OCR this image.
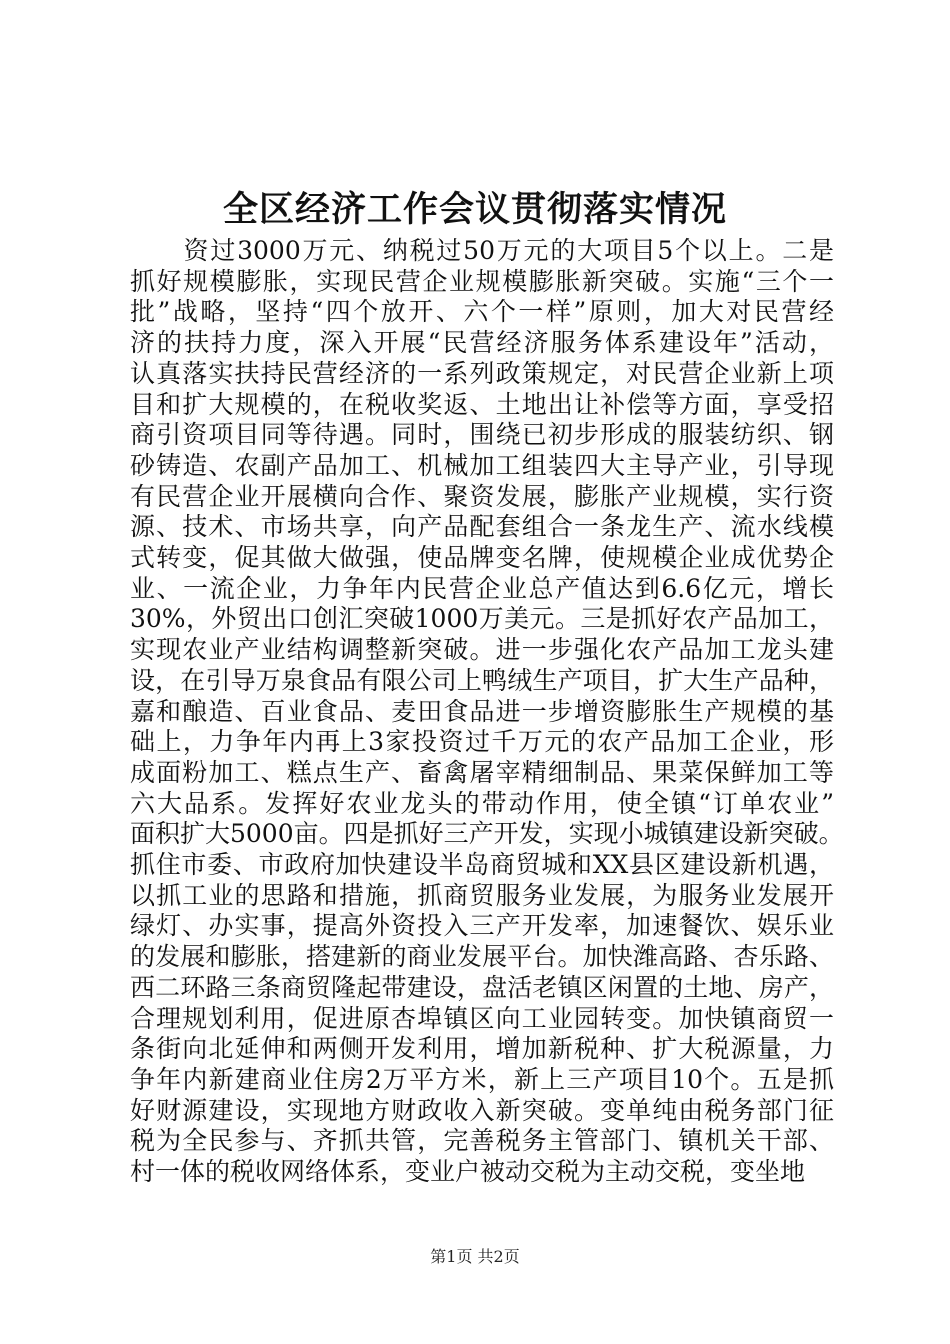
全区经济工作会议贯彻落实情况
　　资过3000万元、纳税过50万元的大项目5个以上。二是
抓好规模膨胀，实现民营企业规模膨胀新突破。实施“三个一
批”战略，坚持“四个放开、六个一样”原则，加大对民营经
济的扶持力度，深入开展“民营经济服务体系建设年”活动，
认真落实扶持民营经济的一系列政策规定，对民营企业新上项
目和扩大规模的，在税收奖返、土地出让补偿等方面，享受招
商引资项目同等待遇。同时，围绕已初步形成的服装纺织、钢
砂铸造、农副产品加工、机械加工组装四大主导产业，引导现
有民营企业开展横向合作、聚资发展，膨胀产业规模，实行资
源、技术、市场共享，向产品配套组合一条龙生产、流水线模
式转变，促其做大做强，使品牌变名牌，使规模企业成优势企
业、一流企业，力争年内民营企业总产值达到6.6亿元，增长
30%，外贸出口创汇突破1000万美元。三是抓好农产品加工，
实现农业产业结构调整新突破。进一步强化农产品加工龙头建
设，在引导万泉食品有限公司上鸭绒生产项目，扩大生产品种，
嘉和酿造、百业食品、麦田食品进一步增资膨胀生产规模的基
础上，力争年内再上3家投资过千万元的农产品加工企业，形
成面粉加工、糕点生产、畜禽屠宰精细制品、果菜保鲜加工等
六大品系。发挥好农业龙头的带动作用，使全镇“订单农业”
面积扩大5000亩。四是抓好三产开发，实现小城镇建设新突破。
抓住市委、市政府加快建设半岛商贸城和XX县区建设新机遇，
以抓工业的思路和措施，抓商贸服务业发展，为服务业发展开
绿灯、办实事，提高外资投入三产开发率，加速餐饮、娱乐业
的发展和膨胀，搭建新的商业发展平台。加快潍高路、杏乐路、
西二环路三条商贸隆起带建设，盘活老镇区闲置的土地、房产，
合理规划利用，促进原杏埠镇区向工业园转变。加快镇商贸一
条街向北延伸和两侧开发利用，增加新税种、扩大税源量，力
争年内新建商业住房2万平方米，新上三产项目10个。五是抓
好财源建设，实现地方财政收入新突破。变单纯由税务部门征
税为全民参与、齐抓共管，完善税务主管部门、镇机关干部、
村一体的税收网络体系，变业户被动交税为主动交税，变坐地
第1页 共2页
